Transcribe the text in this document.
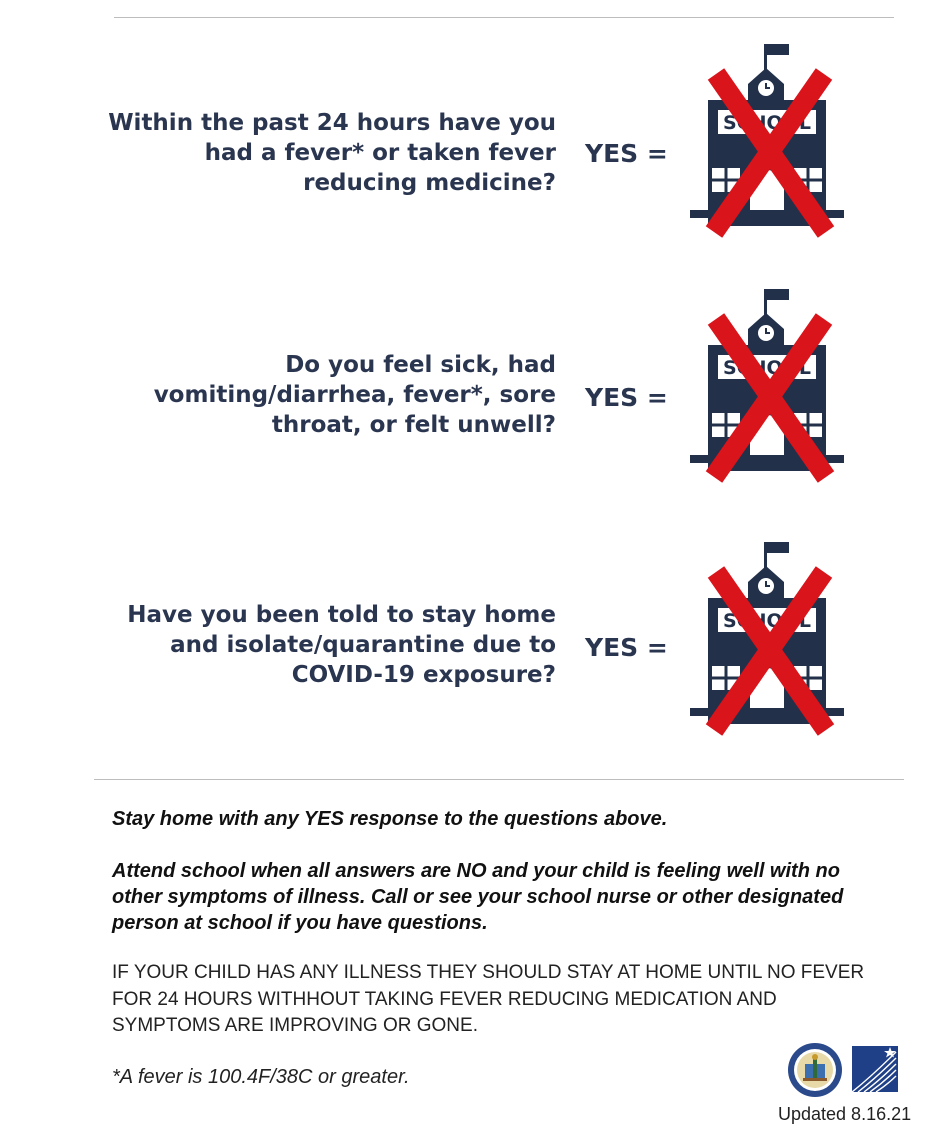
Within the past 24 hours have you had a fever* or taken fever reducing medicine?
YES =
SCHOOL
Do you feel sick, had vomiting/diarrhea, fever*, sore throat, or felt unwell?
YES =
SCHOOL
Have you been told to stay home and isolate/quarantine due to COVID-19 exposure?
YES =
SCHOOL
Stay home with any YES response to the questions above.
Attend school when all answers are NO and your child is feeling well with no other symptoms of illness. Call or see your school nurse or other designated person at school if you have questions.
IF YOUR CHILD HAS ANY ILLNESS THEY SHOULD STAY AT HOME UNTIL NO FEVER FOR 24 HOURS WITHHOUT TAKING FEVER REDUCING MEDICATION AND SYMPTOMS ARE IMPROVING OR GONE.
*A fever is 100.4F/38C or greater.
Updated 8.16.21
